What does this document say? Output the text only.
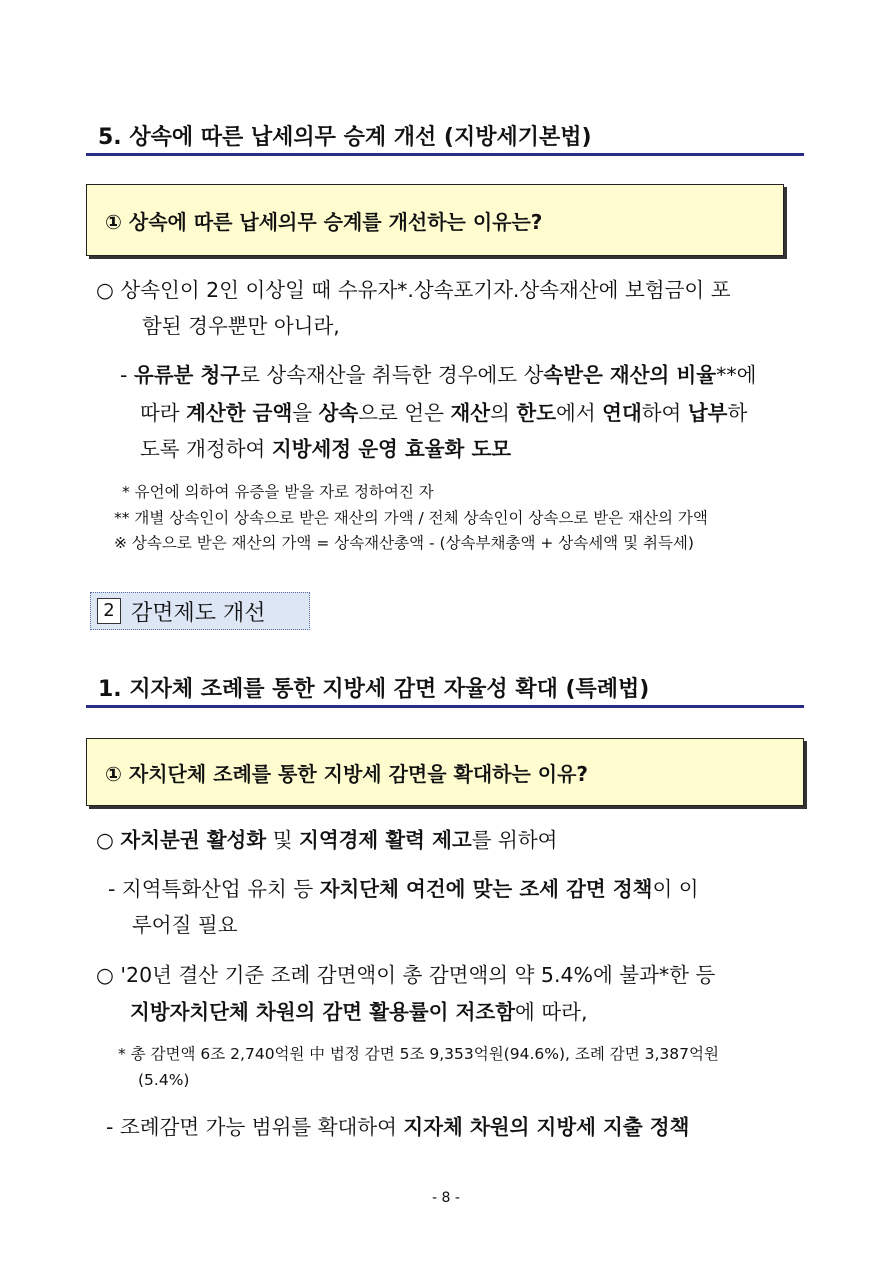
5. 상속에 따른 납세의무 승계 개선 (지방세기본법)
① 상속에 따른 납세의무 승계를 개선하는 이유는?
○ 상속인이 2인 이상일 때 수유자*.상속포기자.상속재산에 보험금이 포
함된 경우뿐만 아니라,
- 유류분 청구로 상속재산을 취득한 경우에도 상속받은 재산의 비율**에
따라 계산한 금액을 상속으로 얻은 재산의 한도에서 연대하여 납부하
도록 개정하여 지방세정 운영 효율화 도모
* 유언에 의하여 유증을 받을 자로 정하여진 자
** 개별 상속인이 상속으로 받은 재산의 가액 / 전체 상속인이 상속으로 받은 재산의 가액
※ 상속으로 받은 재산의 가액 = 상속재산총액 - (상속부채총액 + 상속세액 및 취득세)
2 감면제도 개선
1. 지자체 조례를 통한 지방세 감면 자율성 확대 (특례법)
① 자치단체 조례를 통한 지방세 감면을 확대하는 이유?
○ 자치분권 활성화 및 지역경제 활력 제고를 위하여
- 지역특화산업 유치 등 자치단체 여건에 맞는 조세 감면 정책이 이
루어질 필요
○ '20년 결산 기준 조례 감면액이 총 감면액의 약 5.4%에 불과*한 등
지방자치단체 차원의 감면 활용률이 저조함에 따라,
* 총 감면액 6조 2,740억원 中 법정 감면 5조 9,353억원(94.6%), 조례 감면 3,387억원
(5.4%)
- 조례감면 가능 범위를 확대하여 지자체 차원의 지방세 지출 정책
- 8 -
